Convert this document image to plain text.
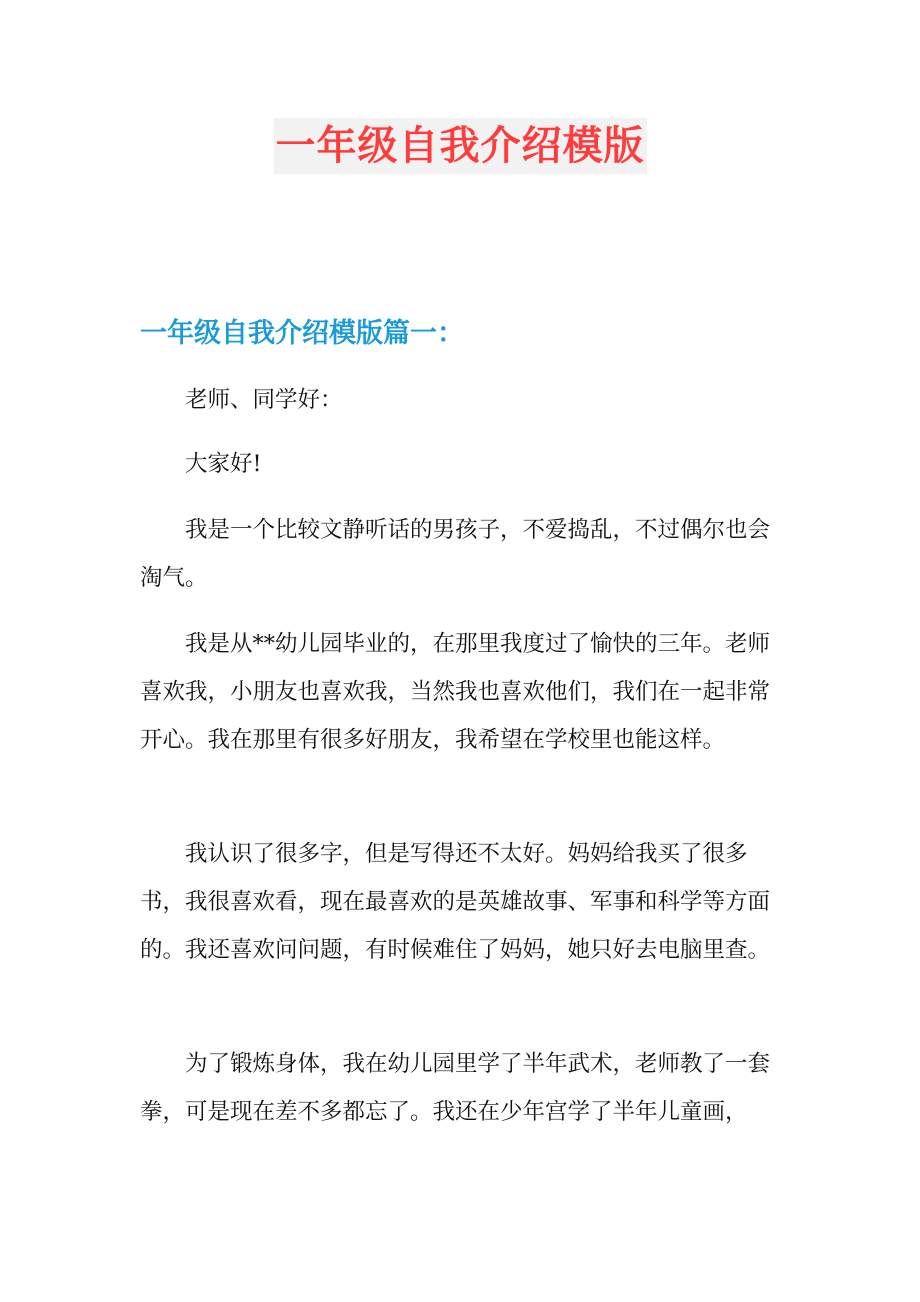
一年级自我介绍模版
一年级自我介绍模版篇一：

老师、同学好：

大家好!

我是一个比较文静听话的男孩子，不爱捣乱，不过偶尔也会淘气。

我是从**幼儿园毕业的，在那里我度过了愉快的三年。老师喜欢我，小朋友也喜欢我，当然我也喜欢他们，我们在一起非常开心。我在那里有很多好朋友，我希望在学校里也能这样。

我认识了很多字，但是写得还不太好。妈妈给我买了很多书，我很喜欢看，现在最喜欢的是英雄故事、军事和科学等方面的。我还喜欢问问题，有时候难住了妈妈，她只好去电脑里查。

为了锻炼身体，我在幼儿园里学了半年武术，老师教了一套拳，可是现在差不多都忘了。我还在少年宫学了半年儿童画，
